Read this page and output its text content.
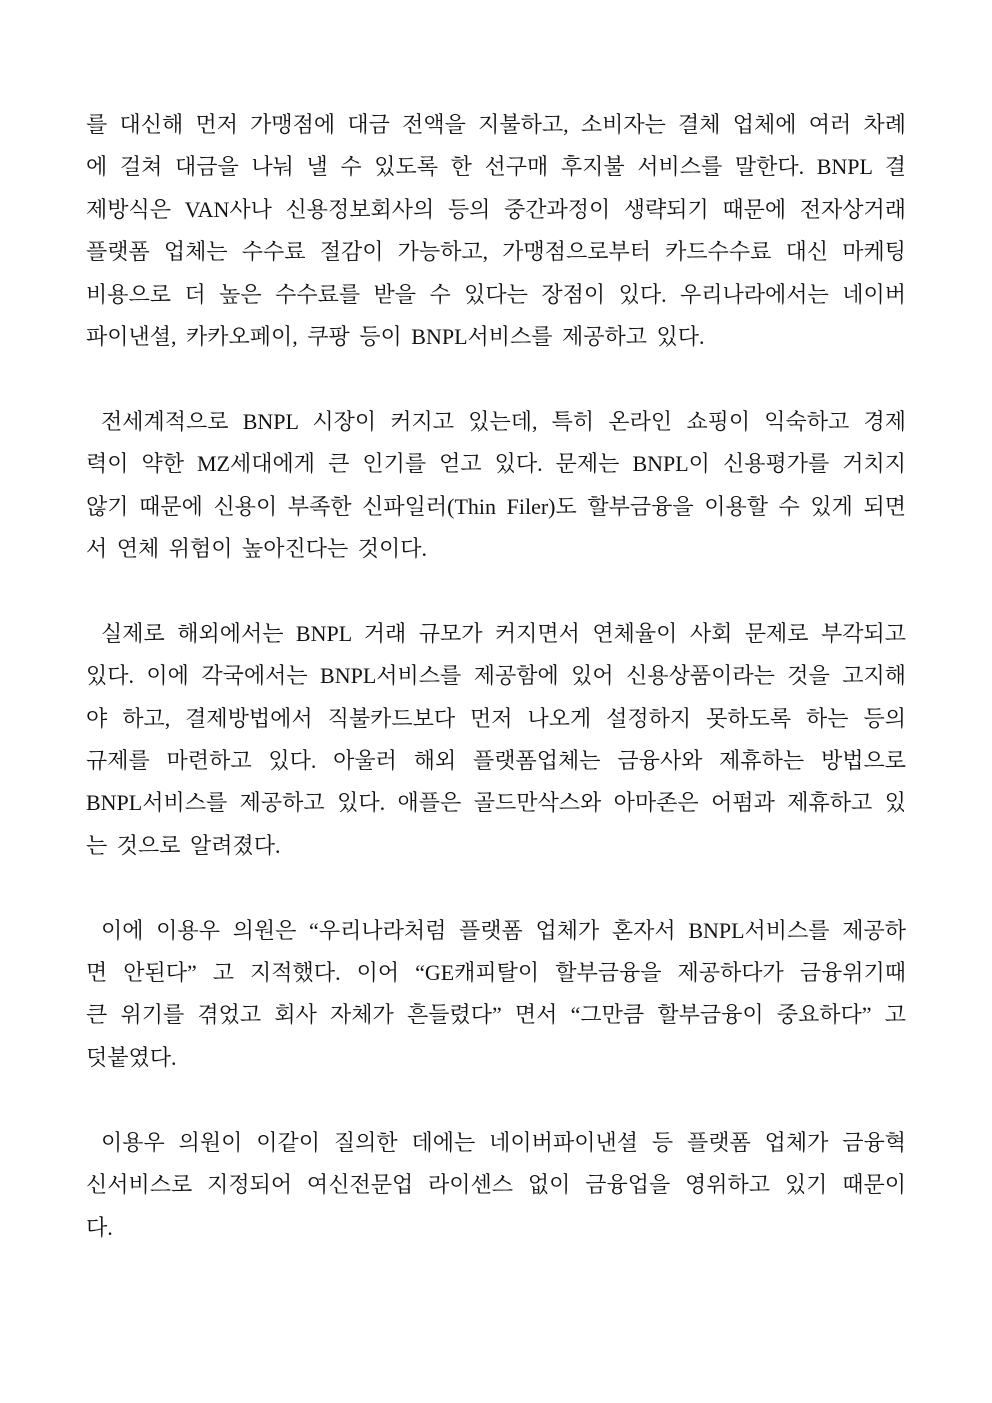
를 대신해 먼저 가맹점에 대금 전액을 지불하고, 소비자는 결체 업체에 여러 차례
에 걸쳐 대금을 나눠 낼 수 있도록 한 선구매 후지불 서비스를 말한다. BNPL 결
제방식은 VAN사나 신용정보회사의 등의 중간과정이 생략되기 때문에 전자상거래
플랫폼 업체는 수수료 절감이 가능하고, 가맹점으로부터 카드수수료 대신 마케팅
비용으로 더 높은 수수료를 받을 수 있다는 장점이 있다. 우리나라에서는 네이버
파이낸셜, 카카오페이, 쿠팡 등이 BNPL서비스를 제공하고 있다.
전세계적으로 BNPL 시장이 커지고 있는데, 특히 온라인 쇼핑이 익숙하고 경제
력이 약한 MZ세대에게 큰 인기를 얻고 있다. 문제는 BNPL이 신용평가를 거치지
않기 때문에 신용이 부족한 신파일러(Thin Filer)도 할부금융을 이용할 수 있게 되면
서 연체 위험이 높아진다는 것이다.
실제로 해외에서는 BNPL 거래 규모가 커지면서 연체율이 사회 문제로 부각되고
있다. 이에 각국에서는 BNPL서비스를 제공함에 있어 신용상품이라는 것을 고지해
야 하고, 결제방법에서 직불카드보다 먼저 나오게 설정하지 못하도록 하는 등의
규제를 마련하고 있다. 아울러 해외 플랫폼업체는 금융사와 제휴하는 방법으로
BNPL서비스를 제공하고 있다. 애플은 골드만삭스와 아마존은 어펌과 제휴하고 있
는 것으로 알려졌다.
이에 이용우 의원은 “우리나라처럼 플랫폼 업체가 혼자서 BNPL서비스를 제공하
면 안된다” 고 지적했다. 이어 “GE캐피탈이 할부금융을 제공하다가 금융위기때
큰 위기를 겪었고 회사 자체가 흔들렸다” 면서 “그만큼 할부금융이 중요하다” 고
덧붙였다.
이용우 의원이 이같이 질의한 데에는 네이버파이낸셜 등 플랫폼 업체가 금융혁
신서비스로 지정되어 여신전문업 라이센스 없이 금융업을 영위하고 있기 때문이
다.
